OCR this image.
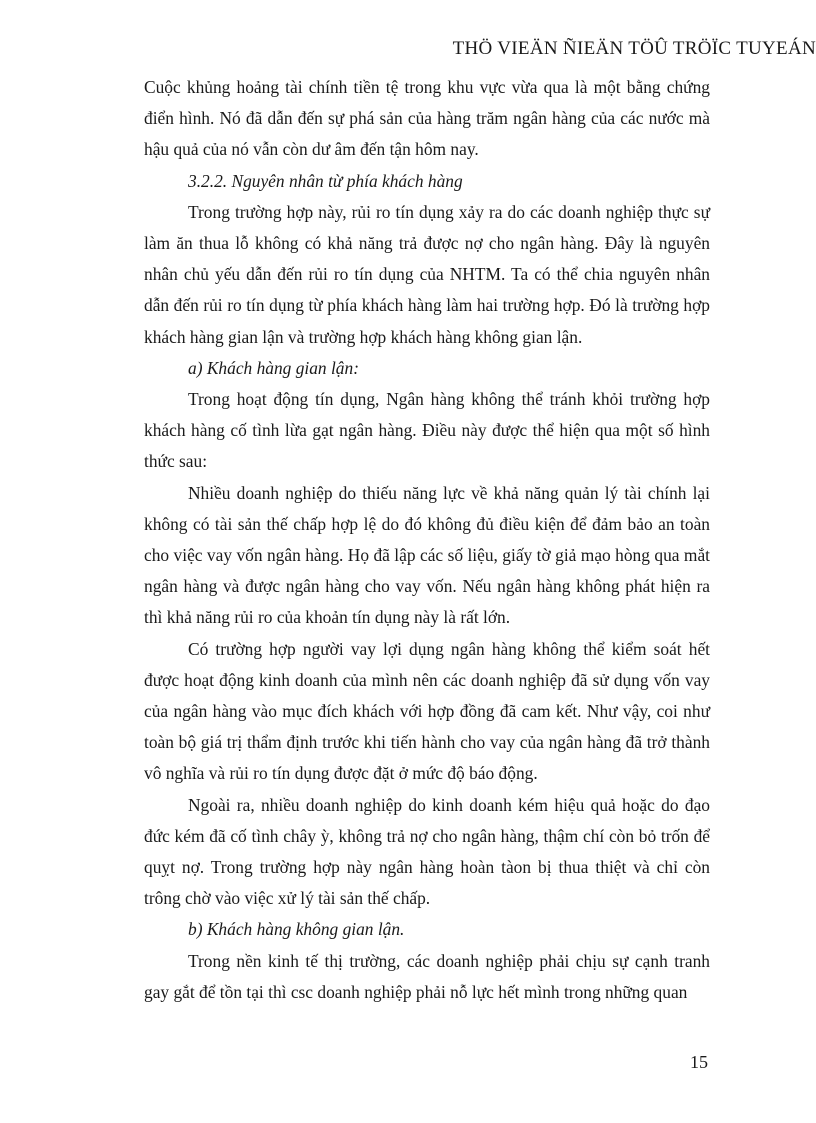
THÖ VIEÄN ÑIEÄN TÖÛ TRÖÏC TUYEÁN

Cuộc khủng hoảng tài chính tiền tệ trong khu vực vừa qua là một bằng chứng điển hình. Nó đã dẫn đến sự phá sản của hàng trăm ngân hàng của các nước mà hậu quả của nó vẫn còn dư âm đến tận hôm nay.

3.2.2. Nguyên nhân từ phía khách hàng

Trong trường hợp này, rủi ro tín dụng xảy ra do các doanh nghiệp thực sự làm ăn thua lỗ không có khả năng trả được nợ cho ngân hàng. Đây là nguyên nhân chủ yếu dẫn đến rủi ro tín dụng của NHTM. Ta có thể chia nguyên nhân dẫn đến rủi ro tín dụng từ phía khách hàng làm hai trường hợp. Đó là trường hợp khách hàng gian lận và trường hợp khách hàng không gian lận.

a) Khách hàng gian lận:

Trong hoạt động tín dụng, Ngân hàng không thể tránh khỏi trường hợp khách hàng cố tình lừa gạt ngân hàng. Điều này được thể hiện qua một số hình thức sau:

Nhiều doanh nghiệp do thiếu năng lực về khả năng quản lý tài chính lại không có tài sản thế chấp hợp lệ do đó không đủ điều kiện để đảm bảo an toàn cho việc vay vốn ngân hàng. Họ đã lập các số liệu, giấy tờ giả mạo hòng qua mắt ngân hàng và được ngân hàng cho vay vốn. Nếu ngân hàng không phát hiện ra thì khả năng rủi ro của khoản tín dụng này là rất lớn.

Có trường hợp người vay lợi dụng ngân hàng không thể kiểm soát hết được hoạt động kinh doanh của mình nên các doanh nghiệp đã sử dụng vốn vay của ngân hàng vào mục đích khách với hợp đồng đã cam kết. Như vậy, coi như toàn bộ giá trị thẩm định trước khi tiến hành cho vay của ngân hàng đã trở thành vô nghĩa và rủi ro tín dụng được đặt ở mức độ báo động.

Ngoài ra, nhiều doanh nghiệp do kinh doanh kém hiệu quả hoặc do đạo đức kém đã cố tình chây ỳ, không trả nợ cho ngân hàng, thậm chí còn bỏ trốn để quỵt nợ. Trong trường hợp này ngân hàng hoàn tàon bị thua thiệt và chỉ còn trông chờ vào việc xử lý tài sản thế chấp.

b) Khách hàng không gian lận.

Trong nền kinh tế thị trường, các doanh nghiệp phải chịu sự cạnh tranh gay gắt để tồn tại thì csc doanh nghiệp phải nỗ lực hết mình trong những quan

15
